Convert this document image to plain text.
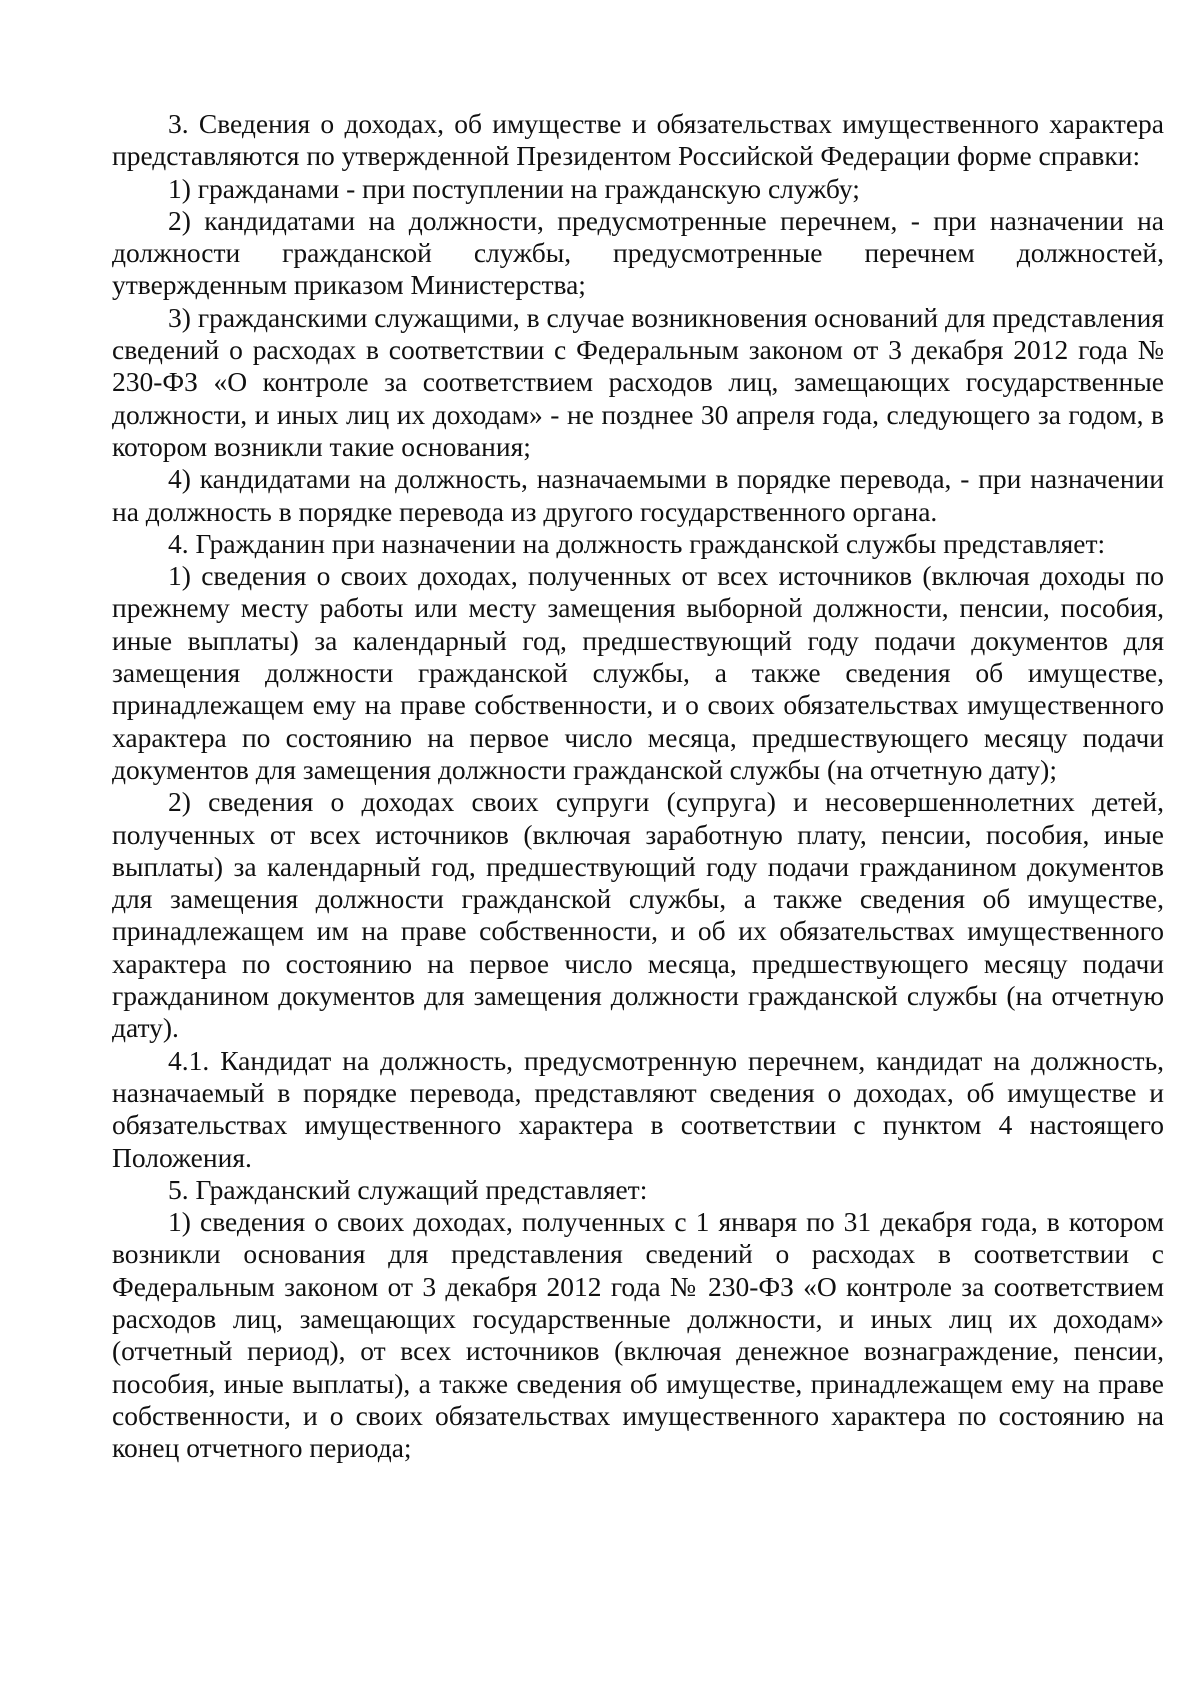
3. Сведения о доходах, об имуществе и обязательствах имущественного характера представляются по утвержденной Президентом Российской Федерации форме справки:

1) гражданами - при поступлении на гражданскую службу;

2) кандидатами на должности, предусмотренные перечнем, - при назначении на должности гражданской службы, предусмотренные перечнем должностей, утвержденным приказом Министерства;

3) гражданскими служащими, в случае возникновения оснований для представления сведений о расходах в соответствии с Федеральным законом от 3 декабря 2012 года № 230-ФЗ «О контроле за соответствием расходов лиц, замещающих государственные должности, и иных лиц их доходам» - не позднее 30 апреля года, следующего за годом, в котором возникли такие основания;

4) кандидатами на должность, назначаемыми в порядке перевода, - при назначении на должность в порядке перевода из другого государственного органа.

4. Гражданин при назначении на должность гражданской службы представляет:

1) сведения о своих доходах, полученных от всех источников (включая доходы по прежнему месту работы или месту замещения выборной должности, пенсии, пособия, иные выплаты) за календарный год, предшествующий году подачи документов для замещения должности гражданской службы, а также сведения об имуществе, принадлежащем ему на праве собственности, и о своих обязательствах имущественного характера по состоянию на первое число месяца, предшествующего месяцу подачи документов для замещения должности гражданской службы (на отчетную дату);

2) сведения о доходах своих супруги (супруга) и несовершеннолетних детей, полученных от всех источников (включая заработную плату, пенсии, пособия, иные выплаты) за календарный год, предшествующий году подачи гражданином документов для замещения должности гражданской службы, а также сведения об имуществе, принадлежащем им на праве собственности, и об их обязательствах имущественного характера по состоянию на первое число месяца, предшествующего месяцу подачи гражданином документов для замещения должности гражданской службы (на отчетную дату).

4.1. Кандидат на должность, предусмотренную перечнем, кандидат на должность, назначаемый в порядке перевода, представляют сведения о доходах, об имуществе и обязательствах имущественного характера в соответствии с пунктом 4 настоящего Положения.

5. Гражданский служащий представляет:

1) сведения о своих доходах, полученных с 1 января по 31 декабря года, в котором возникли основания для представления сведений о расходах в соответствии с Федеральным законом от 3 декабря 2012 года № 230-ФЗ «О контроле за соответствием расходов лиц, замещающих государственные должности, и иных лиц их доходам» (отчетный период), от всех источников (включая денежное вознаграждение, пенсии, пособия, иные выплаты), а также сведения об имуществе, принадлежащем ему на праве собственности, и о своих обязательствах имущественного характера по состоянию на конец отчетного периода;
